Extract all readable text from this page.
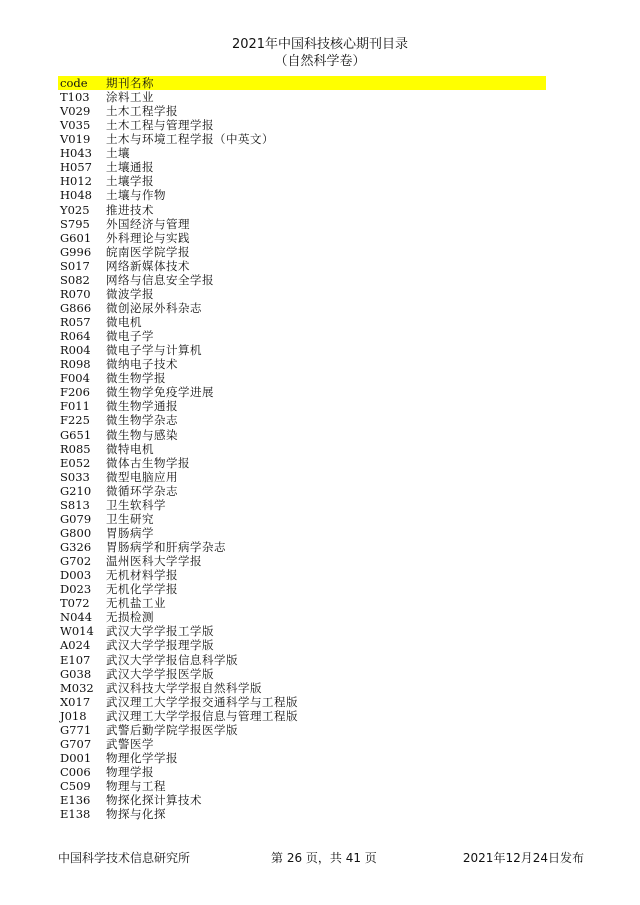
2021年中国科技核心期刊目录
（自然科学卷）
code	期刊名称
T103	涂料工业
V029	土木工程学报
V035	土木工程与管理学报
V019	土木与环境工程学报（中英文）
H043	土壤
H057	土壤通报
H012	土壤学报
H048	土壤与作物
Y025	推进技术
S795	外国经济与管理
G601	外科理论与实践
G996	皖南医学院学报
S017	网络新媒体技术
S082	网络与信息安全学报
R070	微波学报
G866	微创泌尿外科杂志
R057	微电机
R064	微电子学
R004	微电子学与计算机
R098	微纳电子技术
F004	微生物学报
F206	微生物学免疫学进展
F011	微生物学通报
F225	微生物学杂志
G651	微生物与感染
R085	微特电机
E052	微体古生物学报
S033	微型电脑应用
G210	微循环学杂志
S813	卫生软科学
G079	卫生研究
G800	胃肠病学
G326	胃肠病学和肝病学杂志
G702	温州医科大学学报
D003	无机材料学报
D023	无机化学学报
T072	无机盐工业
N044	无损检测
W014	武汉大学学报工学版
A024	武汉大学学报理学版
E107	武汉大学学报信息科学版
G038	武汉大学学报医学版
M032	武汉科技大学学报自然科学版
X017	武汉理工大学学报交通科学与工程版
J018	武汉理工大学学报信息与管理工程版
G771	武警后勤学院学报医学版
G707	武警医学
D001	物理化学学报
C006	物理学报
C509	物理与工程
E136	物探化探计算技术
E138	物探与化探
中国科学技术信息研究所	第 26 页，共 41 页	2021年12月24日发布
